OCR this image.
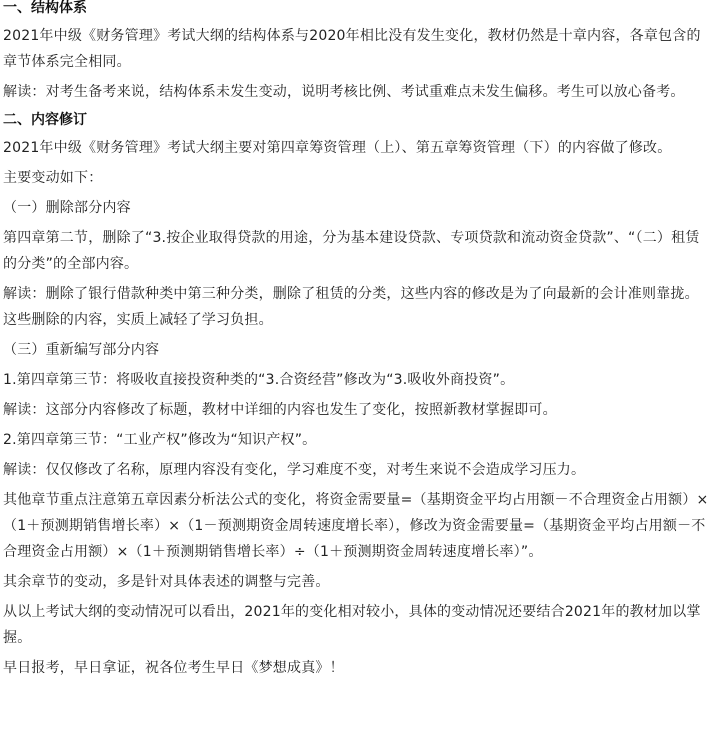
一、结构体系

2021年中级《财务管理》考试大纲的结构体系与2020年相比没有发生变化，教材仍然是十章内容，各章包含的章节体系完全相同。

解读：对考生备考来说，结构体系未发生变动，说明考核比例、考试重难点未发生偏移。考生可以放心备考。

二、内容修订

2021年中级《财务管理》考试大纲主要对第四章筹资管理（上）、第五章筹资管理（下）的内容做了修改。

主要变动如下：

（一）删除部分内容

第四章第二节，删除了“3.按企业取得贷款的用途，分为基本建设贷款、专项贷款和流动资金贷款”、“（二）租赁的分类”的全部内容。

解读：删除了银行借款种类中第三种分类，删除了租赁的分类，这些内容的修改是为了向最新的会计准则靠拢。这些删除的内容，实质上减轻了学习负担。

（三）重新编写部分内容

1.第四章第三节：将吸收直接投资种类的“3.合资经营”修改为“3.吸收外商投资”。

解读：这部分内容修改了标题，教材中详细的内容也发生了变化，按照新教材掌握即可。

2.第四章第三节：“工业产权”修改为“知识产权”。

解读：仅仅修改了名称，原理内容没有变化，学习难度不变，对考生来说不会造成学习压力。

其他章节重点注意第五章因素分析法公式的变化，将资金需要量=（基期资金平均占用额－不合理资金占用额）×（1＋预测期销售增长率）×（1－预测期资金周转速度增长率），修改为资金需要量=（基期资金平均占用额－不合理资金占用额）×（1＋预测期销售增长率）÷（1＋预测期资金周转速度增长率）”。

其余章节的变动，多是针对具体表述的调整与完善。

从以上考试大纲的变动情况可以看出，2021年的变化相对较小，具体的变动情况还要结合2021年的教材加以掌握。

早日报考，早日拿证，祝各位考生早日《梦想成真》！
